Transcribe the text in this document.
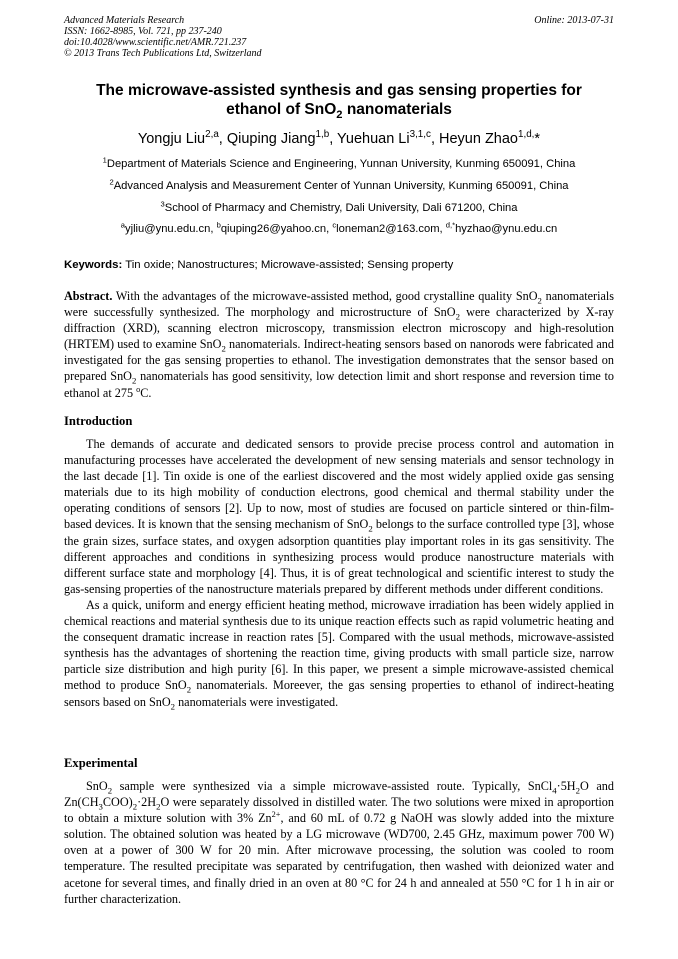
Advanced Materials Research
ISSN: 1662-8985, Vol. 721, pp 237-240
doi:10.4028/www.scientific.net/AMR.721.237
© 2013 Trans Tech Publications Ltd, Switzerland
Online: 2013-07-31
The microwave-assisted synthesis and gas sensing properties for
ethanol of SnO$_2$ nanomaterials
Yongju Liu$^{2,a}$, Qiuping Jiang$^{1,b}$, Yuehuan Li$^{3,1,c}$, Heyun Zhao$^{1,d,}$*
$^1$Department of Materials Science and Engineering, Yunnan University, Kunming 650091, China
$^2$Advanced Analysis and Measurement Center of Yunnan University, Kunming 650091, China
$^3$School of Pharmacy and Chemistry, Dali University, Dali 671200, China
$^a$yjliu@ynu.edu.cn, $^b$qiuping26@yahoo.cn, $^c$loneman2@163.com, $^{d,*}$hyzhao@ynu.edu.cn
Keywords: Tin oxide; Nanostructures; Microwave-assisted; Sensing property

Abstract. With the advantages of the microwave-assisted method, good crystalline quality SnO$_2$ nanomaterials were successfully synthesized. The morphology and microstructure of SnO$_2$ were characterized by X-ray diffraction (XRD), scanning electron microscopy, transmission electron microscopy and high-resolution (HRTEM) used to examine SnO$_2$ nanomaterials. Indirect-heating sensors based on nanorods were fabricated and investigated for the gas sensing properties to ethanol. The investigation demonstrates that the sensor based on prepared SnO$_2$ nanomaterials has good sensitivity, low detection limit and short response and reversion time to ethanol at 275 $^o$C.

Introduction

The demands of accurate and dedicated sensors to provide precise process control and automation in manufacturing processes have accelerated the development of new sensing materials and sensor technology in the last decade [1]. Tin oxide is one of the earliest discovered and the most widely applied oxide gas sensing materials due to its high mobility of conduction electrons, good chemical and thermal stability under the operating conditions of sensors [2]. Up to now, most of studies are focused on particle sintered or thin-film-based devices. It is known that the sensing mechanism of SnO$_2$ belongs to the surface controlled type [3], whose the grain sizes, surface states, and oxygen adsorption quantities play important roles in its gas sensitivity. The different approaches and conditions in synthesizing process would produce nanostructure materials with different surface state and morphology [4]. Thus, it is of great technological and scientific interest to study the gas-sensing properties of the nanostructure materials prepared by different methods under different conditions.

As a quick, uniform and energy efficient heating method, microwave irradiation has been widely applied in chemical reactions and material synthesis due to its unique reaction effects such as rapid volumetric heating and the consequent dramatic increase in reaction rates [5]. Compared with the usual methods, microwave-assisted synthesis has the advantages of shortening the reaction time, giving products with small particle size, narrow particle size distribution and high purity [6]. In this paper, we present a simple microwave-assisted chemical method to produce SnO$_2$ nanomaterials. Moreever, the gas sensing properties to ethanol of indirect-heating sensors based on SnO$_2$ nanomaterials were investigated.

Experimental

SnO$_2$ sample were synthesized via a simple microwave-assisted route. Typically, $SnCl_4\cdot 5H_2O$ and $Zn(CH_3COO)_2\cdot 2H_2O$ were separately dissolved in distilled water. The two solutions were mixed in aproportion to obtain a mixture solution with 3% $Zn^{2+}$, and 60 mL of 0.72 g NaOH was slowly added into the mixture solution. The obtained solution was heated by a LG microwave (WD700, 2.45 GHz, maximum power 700 W) oven at a power of 300 W for 20 min. After microwave processing, the solution was cooled to room temperature. The resulted precipitate was separated by centrifugation, then washed with deionized water and acetone for several times, and finally dried in an oven at 80 °C for 24 h and annealed at 550 °C for 1 h in air or further characterization.
